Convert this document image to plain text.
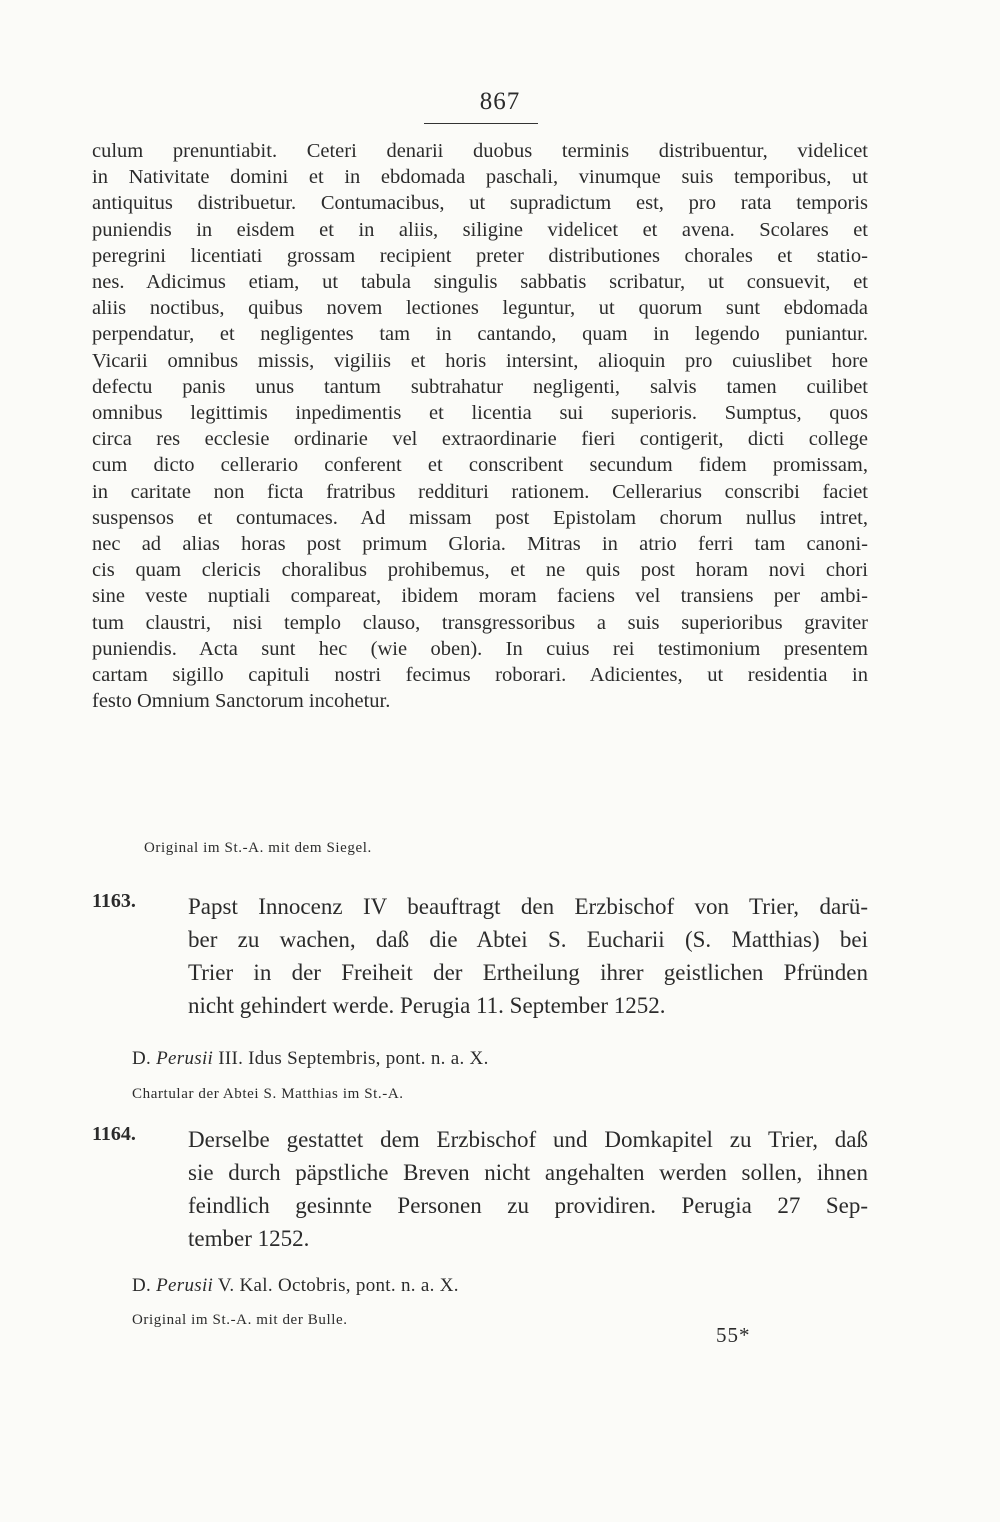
867
culum prenuntiabit. Ceteri denarii duobus terminis distribuentur, videlicet
in Nativitate domini et in ebdomada paschali, vinumque suis temporibus, ut
antiquitus distribuetur. Contumacibus, ut supradictum est, pro rata temporis
puniendis in eisdem et in aliis, siligine videlicet et avena. Scolares et
peregrini licentiati grossam recipient preter distributiones chorales et statio-
nes. Adicimus etiam, ut tabula singulis sabbatis scribatur, ut consuevit, et
aliis noctibus, quibus novem lectiones leguntur, ut quorum sunt ebdomada
perpendatur, et negligentes tam in cantando, quam in legendo puniantur.
Vicarii omnibus missis, vigiliis et horis intersint, alioquin pro cuiuslibet hore
defectu panis unus tantum subtrahatur negligenti, salvis tamen cuilibet
omnibus legittimis inpedimentis et licentia sui superioris. Sumptus, quos
circa res ecclesie ordinarie vel extraordinarie fieri contigerit, dicti college
cum dicto cellerario conferent et conscribent secundum fidem promissam,
in caritate non ficta fratribus reddituri rationem. Cellerarius conscribi faciet
suspensos et contumaces. Ad missam post Epistolam chorum nullus intret,
nec ad alias horas post primum Gloria. Mitras in atrio ferri tam canoni-
cis quam clericis choralibus prohibemus, et ne quis post horam novi chori
sine veste nuptiali compareat, ibidem moram faciens vel transiens per ambi-
tum claustri, nisi templo clauso, transgressoribus a suis superioribus graviter
puniendis. Acta sunt hec (wie oben). In cuius rei testimonium presentem
cartam sigillo capituli nostri fecimus roborari. Adicientes, ut residentia in
festo Omnium Sanctorum incohetur.
Original im St.-A. mit dem Siegel.
1163. Papst Innocenz IV beauftragt den Erzbischof von Trier, darü-
ber zu wachen, daß die Abtei S. Eucharii (S. Matthias) bei
Trier in der Freiheit der Ertheilung ihrer geistlichen Pfründen
nicht gehindert werde. Perugia 11. September 1252.
D. Perusii III. Idus Septembris, pont. n. a. X.
Chartular der Abtei S. Matthias im St.-A.
1164. Derselbe gestattet dem Erzbischof und Domkapitel zu Trier, daß
sie durch päpstliche Breven nicht angehalten werden sollen, ihnen
feindlich gesinnte Personen zu providiren. Perugia 27 Sep-
tember 1252.
D. Perusii V. Kal. Octobris, pont. n. a. X.
Original im St.-A. mit der Bulle.
55*
